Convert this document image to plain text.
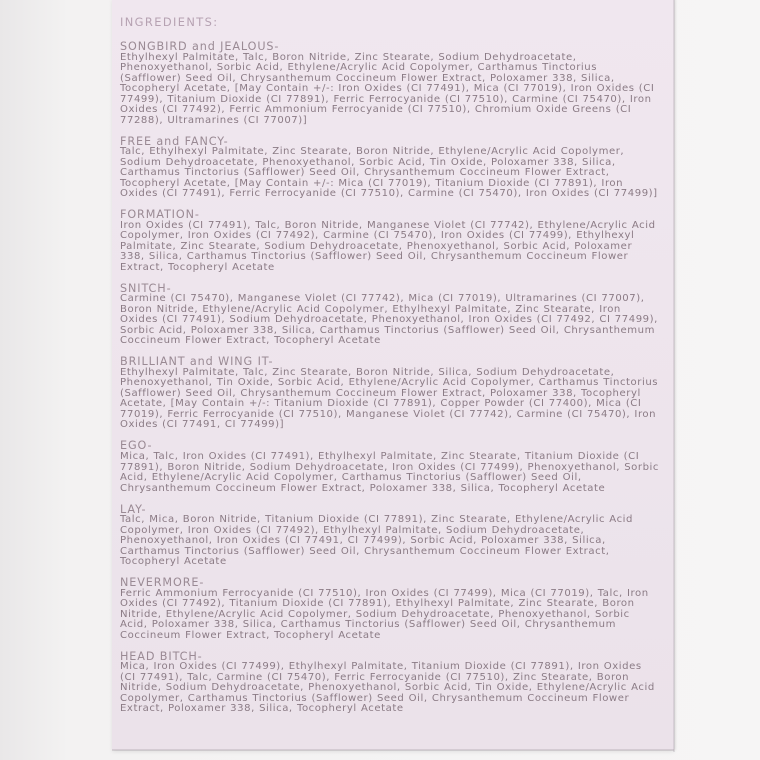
INGREDIENTS:

SONGBIRD and JEALOUS-

Ethylhexyl Palmitate, Talc, Boron Nitride, Zinc Stearate, Sodium Dehydroacetate, Phenoxyethanol, Sorbic Acid, Ethylene/Acrylic Acid Copolymer, Carthamus Tinctorius (Safflower) Seed Oil, Chrysanthemum Coccineum Flower Extract, Poloxamer 338, Silica, Tocopheryl Acetate, [May Contain +/-: Iron Oxides (CI 77491), Mica (CI 77019), Iron Oxides (CI 77499), Titanium Dioxide (CI 77891), Ferric Ferrocyanide (CI 77510), Carmine (CI 75470), Iron Oxides (CI 77492), Ferric Ammonium Ferrocyanide (CI 77510), Chromium Oxide Greens (CI 77288), Ultramarines (CI 77007)]

FREE and FANCY-

Talc, Ethylhexyl Palmitate, Zinc Stearate, Boron Nitride, Ethylene/Acrylic Acid Copolymer, Sodium Dehydroacetate, Phenoxyethanol, Sorbic Acid, Tin Oxide, Poloxamer 338, Silica, Carthamus Tinctorius (Safflower) Seed Oil, Chrysanthemum Coccineum Flower Extract, Tocopheryl Acetate, [May Contain +/-: Mica (CI 77019), Titanium Dioxide (CI 77891), Iron Oxides (CI 77491), Ferric Ferrocyanide (CI 77510), Carmine (CI 75470), Iron Oxides (CI 77499)]

FORMATION-

Iron Oxides (CI 77491), Talc, Boron Nitride, Manganese Violet (CI 77742), Ethylene/Acrylic Acid Copolymer, Iron Oxides (CI 77492), Carmine (CI 75470), Iron Oxides (CI 77499), Ethylhexyl Palmitate, Zinc Stearate, Sodium Dehydroacetate, Phenoxyethanol, Sorbic Acid, Poloxamer 338, Silica, Carthamus Tinctorius (Safflower) Seed Oil, Chrysanthemum Coccineum Flower Extract, Tocopheryl Acetate

SNITCH-

Carmine (CI 75470), Manganese Violet (CI 77742), Mica (CI 77019), Ultramarines (CI 77007), Boron Nitride, Ethylene/Acrylic Acid Copolymer, Ethylhexyl Palmitate, Zinc Stearate, Iron Oxides (CI 77491), Sodium Dehydroacetate, Phenoxyethanol, Iron Oxides (CI 77492, CI 77499), Sorbic Acid, Poloxamer 338, Silica, Carthamus Tinctorius (Safflower) Seed Oil, Chrysanthemum Coccineum Flower Extract, Tocopheryl Acetate

BRILLIANT and WING IT-

Ethylhexyl Palmitate, Talc, Zinc Stearate, Boron Nitride, Silica, Sodium Dehydroacetate, Phenoxyethanol, Tin Oxide, Sorbic Acid, Ethylene/Acrylic Acid Copolymer, Carthamus Tinctorius (Safflower) Seed Oil, Chrysanthemum Coccineum Flower Extract, Poloxamer 338, Tocopheryl Acetate, [May Contain +/-: Titanium Dioxide (CI 77891), Copper Powder (CI 77400), Mica (CI 77019), Ferric Ferrocyanide (CI 77510), Manganese Violet (CI 77742), Carmine (CI 75470), Iron Oxides (CI 77491, CI 77499)]

EGO-

Mica, Talc, Iron Oxides (CI 77491), Ethylhexyl Palmitate, Zinc Stearate, Titanium Dioxide (CI 77891), Boron Nitride, Sodium Dehydroacetate, Iron Oxides (CI 77499), Phenoxyethanol, Sorbic Acid, Ethylene/Acrylic Acid Copolymer, Carthamus Tinctorius (Safflower) Seed Oil, Chrysanthemum Coccineum Flower Extract, Poloxamer 338, Silica, Tocopheryl Acetate

LAY-

Talc, Mica, Boron Nitride, Titanium Dioxide (CI 77891), Zinc Stearate, Ethylene/Acrylic Acid Copolymer, Iron Oxides (CI 77492), Ethylhexyl Palmitate, Sodium Dehydroacetate, Phenoxyethanol, Iron Oxides (CI 77491, CI 77499), Sorbic Acid, Poloxamer 338, Silica, Carthamus Tinctorius (Safflower) Seed Oil, Chrysanthemum Coccineum Flower Extract, Tocopheryl Acetate

NEVERMORE-

Ferric Ammonium Ferrocyanide (CI 77510), Iron Oxides (CI 77499), Mica (CI 77019), Talc, Iron Oxides (CI 77492), Titanium Dioxide (CI 77891), Ethylhexyl Palmitate, Zinc Stearate, Boron Nitride, Ethylene/Acrylic Acid Copolymer, Sodium Dehydroacetate, Phenoxyethanol, Sorbic Acid, Poloxamer 338, Silica, Carthamus Tinctorius (Safflower) Seed Oil, Chrysanthemum Coccineum Flower Extract, Tocopheryl Acetate

HEAD BITCH-

Mica, Iron Oxides (CI 77499), Ethylhexyl Palmitate, Titanium Dioxide (CI 77891), Iron Oxides (CI 77491), Talc, Carmine (CI 75470), Ferric Ferrocyanide (CI 77510), Zinc Stearate, Boron Nitride, Sodium Dehydroacetate, Phenoxyethanol, Sorbic Acid, Tin Oxide, Ethylene/Acrylic Acid Copolymer, Carthamus Tinctorius (Safflower) Seed Oil, Chrysanthemum Coccineum Flower Extract, Poloxamer 338, Silica, Tocopheryl Acetate
